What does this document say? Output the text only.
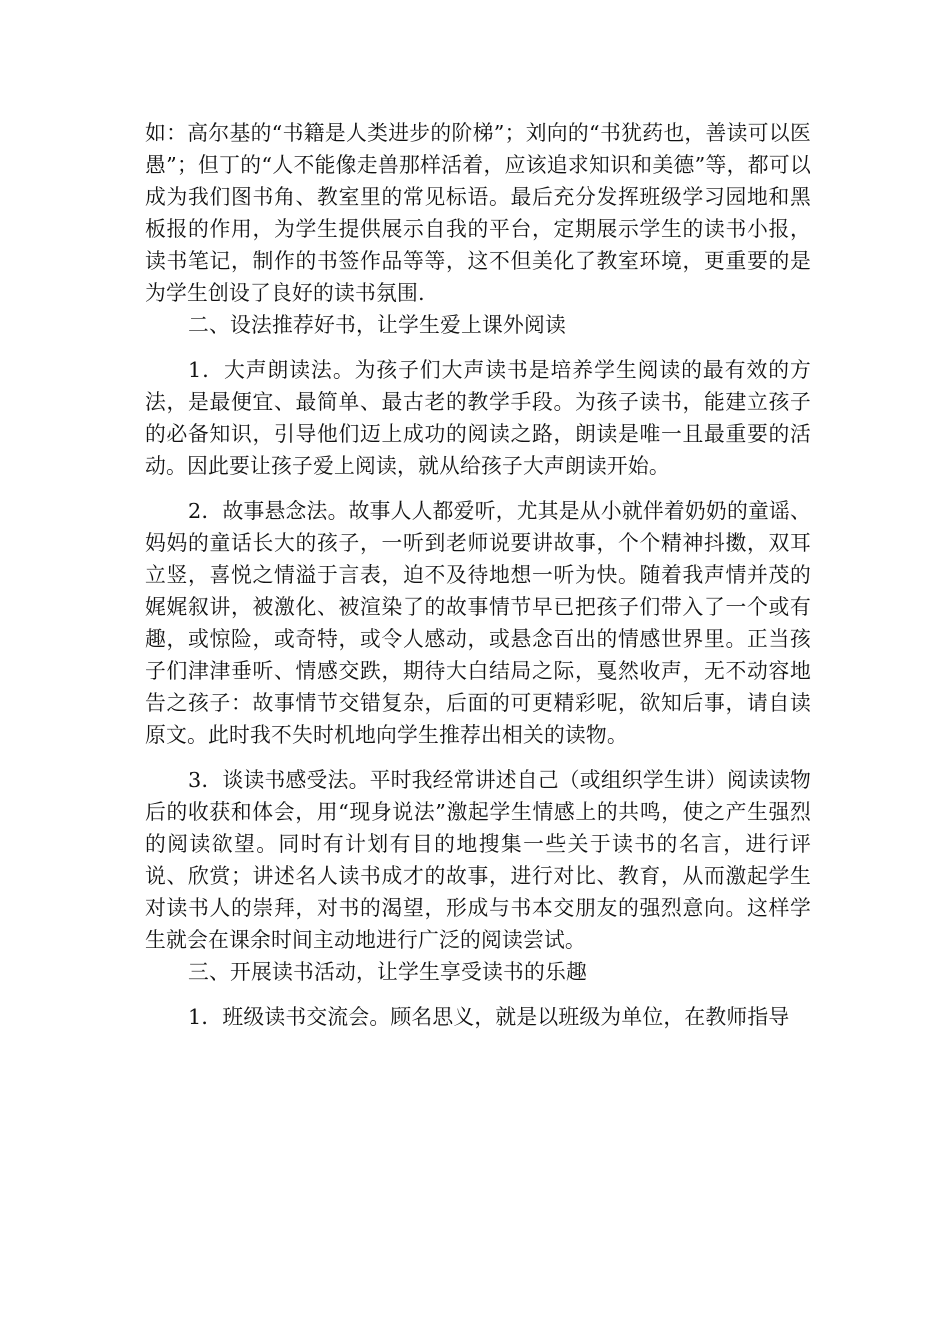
如：高尔基的“书籍是人类进步的阶梯”；刘向的“书犹药也，善读可以医愚”；但丁的“人不能像走兽那样活着，应该追求知识和美德”等，都可以成为我们图书角、教室里的常见标语。最后充分发挥班级学习园地和黑板报的作用，为学生提供展示自我的平台，定期展示学生的读书小报，读书笔记，制作的书签作品等等，这不但美化了教室环境，更重要的是为学生创设了良好的读书氛围.

二、设法推荐好书，让学生爱上课外阅读

1．大声朗读法。为孩子们大声读书是培养学生阅读的最有效的方法，是最便宜、最简单、最古老的教学手段。为孩子读书，能建立孩子的必备知识，引导他们迈上成功的阅读之路，朗读是唯一且最重要的活动。因此要让孩子爱上阅读，就从给孩子大声朗读开始。

2．故事悬念法。故事人人都爱听，尤其是从小就伴着奶奶的童谣、妈妈的童话长大的孩子，一听到老师说要讲故事，个个精神抖擞，双耳立竖，喜悦之情溢于言表，迫不及待地想一听为快。随着我声情并茂的娓娓叙讲，被激化、被渲染了的故事情节早已把孩子们带入了一个或有趣，或惊险，或奇特，或令人感动，或悬念百出的情感世界里。正当孩子们津津垂听、情感交跌，期待大白结局之际，戛然收声，无不动容地告之孩子：故事情节交错复杂，后面的可更精彩呢，欲知后事，请自读原文。此时我不失时机地向学生推荐出相关的读物。

3．谈读书感受法。平时我经常讲述自己（或组织学生讲）阅读读物后的收获和体会，用“现身说法”激起学生情感上的共鸣，使之产生强烈的阅读欲望。同时有计划有目的地搜集一些关于读书的名言，进行评说、欣赏；讲述名人读书成才的故事，进行对比、教育，从而激起学生对读书人的崇拜，对书的渴望，形成与书本交朋友的强烈意向。这样学生就会在课余时间主动地进行广泛的阅读尝试。

三、开展读书活动，让学生享受读书的乐趣

1．班级读书交流会。顾名思义，就是以班级为单位，在教师指导
